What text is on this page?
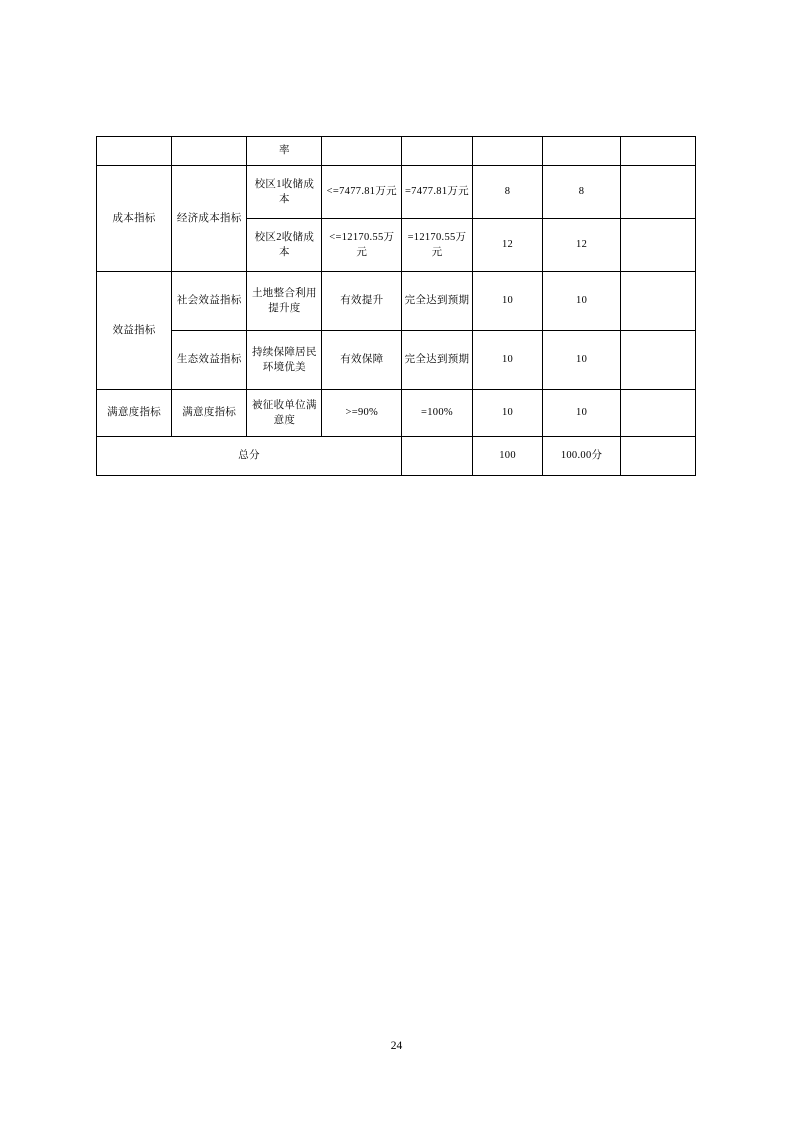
		率					
成本指标	经济成本指标	校区1收储成本	<=7477.81万元	=7477.81万元	8	8	
		校区2收储成本	<=12170.55万元	=12170.55万元	12	12	
效益指标	社会效益指标	土地整合利用提升度	有效提升	完全达到预期	10	10	
	生态效益指标	持续保障居民环境优美	有效保障	完全达到预期	10	10	
满意度指标	满意度指标	被征收单位满意度	>=90%	=100%	10	10	
总分					100	100.00分	
24
